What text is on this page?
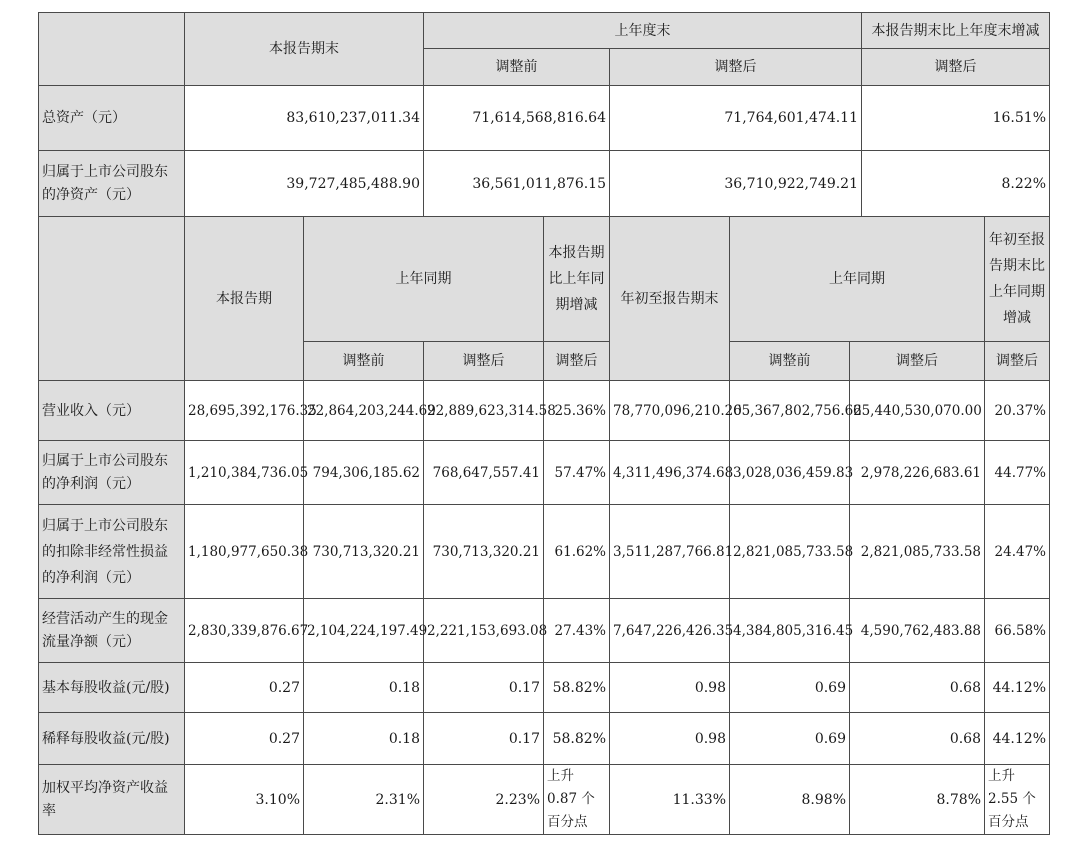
	本报告期末	上年度末		本报告期末比上年度末增减
		调整前	调整后	调整后
总资产（元）	83,610,237,011.34	71,614,568,816.64	71,764,601,474.11	16.51%
归属于上市公司股东的净资产（元）	39,727,485,488.90	36,561,011,876.15	36,710,922,749.21	8.22%
	本报告期	上年同期		本报告期比上年同期增减	年初至报告期末	上年同期		年初至报告期末比上年同期增减
		调整前	调整后	调整后		调整前	调整后	调整后
营业收入（元）	28,695,392,176.35	22,864,203,244.69	22,889,623,314.58	25.36%	78,770,096,210.20	65,367,802,756.62	65,440,530,070.00	20.37%
归属于上市公司股东的净利润（元）	1,210,384,736.05	794,306,185.62	768,647,557.41	57.47%	4,311,496,374.68	3,028,036,459.83	2,978,226,683.61	44.77%
归属于上市公司股东的扣除非经常性损益的净利润（元）	1,180,977,650.38	730,713,320.21	730,713,320.21	61.62%	3,511,287,766.81	2,821,085,733.58	2,821,085,733.58	24.47%
经营活动产生的现金流量净额（元）	2,830,339,876.67	2,104,224,197.49	2,221,153,693.08	27.43%	7,647,226,426.35	4,384,805,316.45	4,590,762,483.88	66.58%
基本每股收益(元/股)	0.27	0.18	0.17	58.82%	0.98	0.69	0.68	44.12%
稀释每股收益(元/股)	0.27	0.18	0.17	58.82%	0.98	0.69	0.68	44.12%
加权平均净资产收益率	3.10%	2.31%	2.23%	上升 0.87 个百分点	11.33%	8.98%	8.78%	上升 2.55 个百分点
